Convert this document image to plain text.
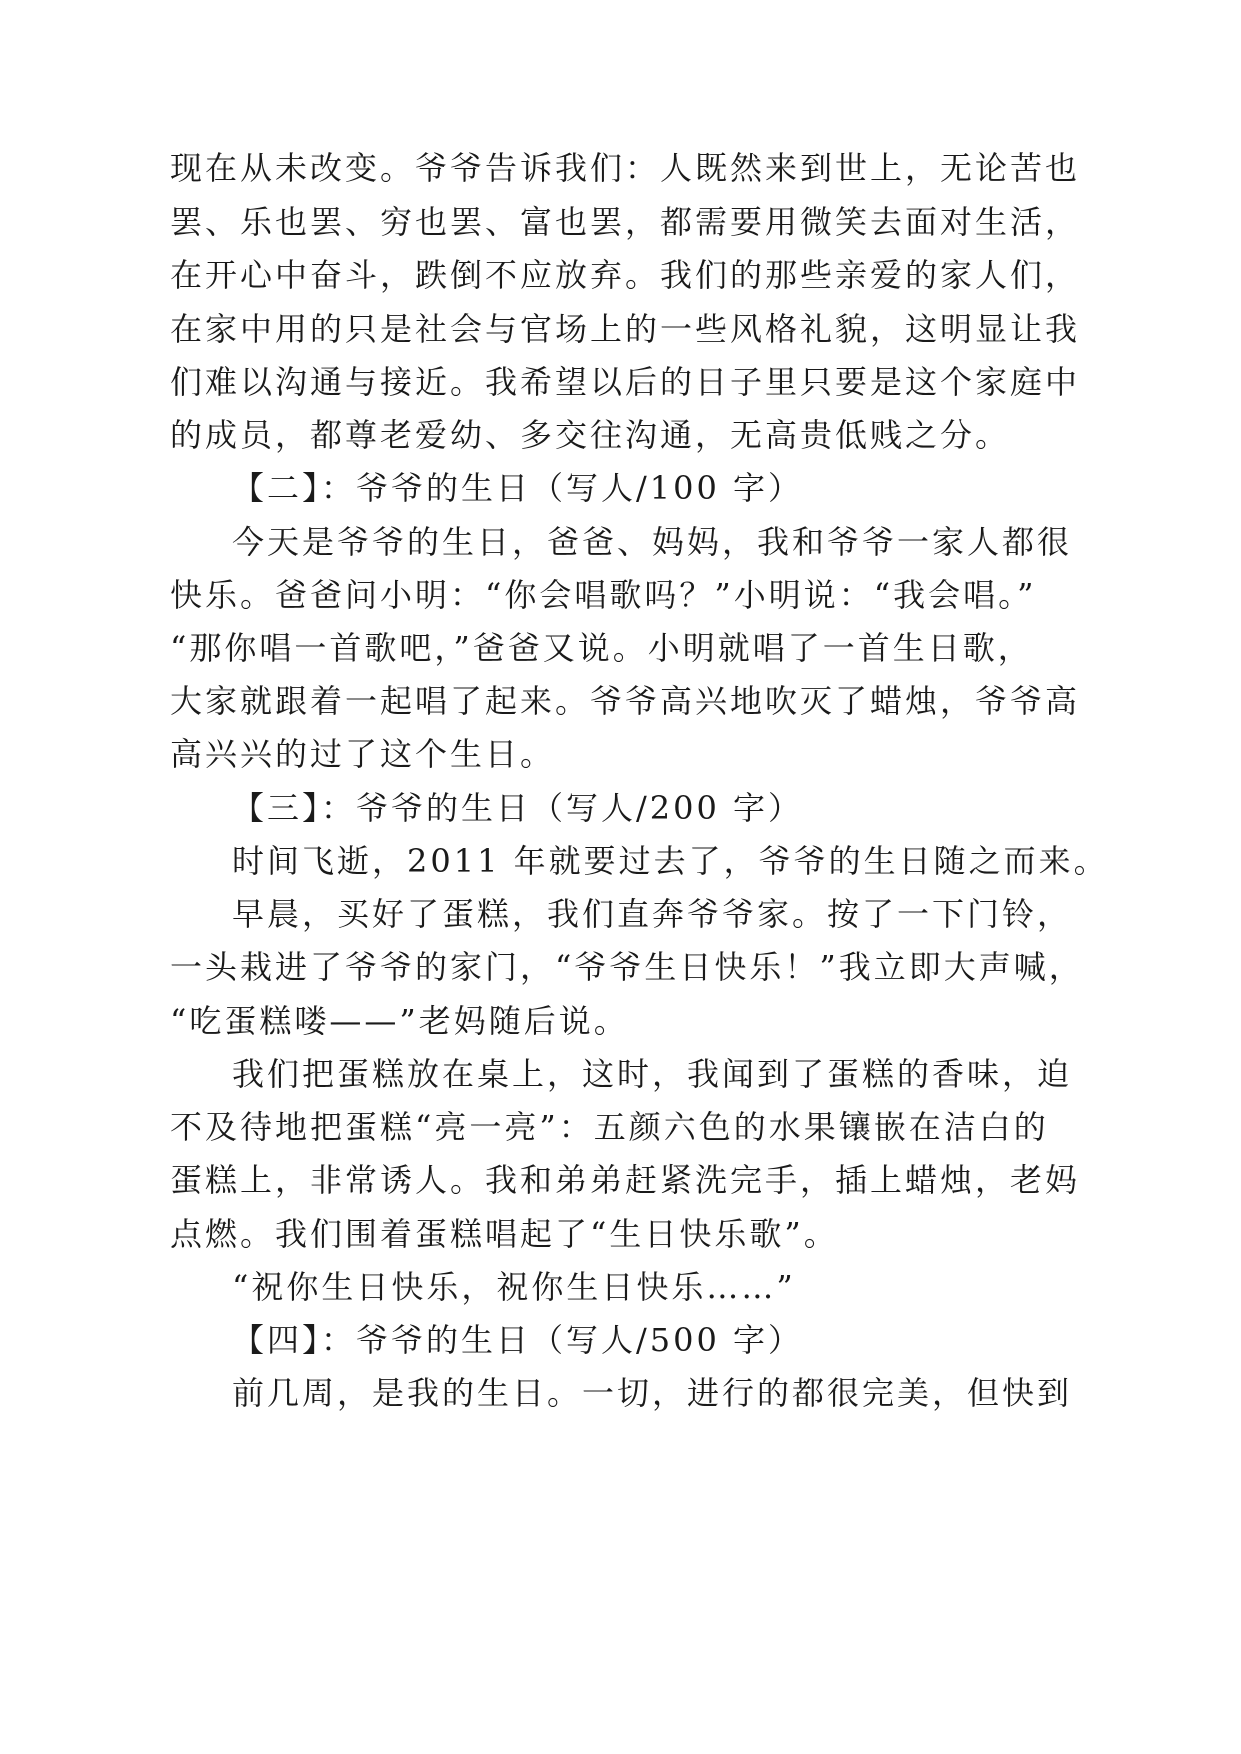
现在从未改变。爷爷告诉我们：人既然来到世上，无论苦也
罢、乐也罢、穷也罢、富也罢，都需要用微笑去面对生活，
在开心中奋斗，跌倒不应放弃。我们的那些亲爱的家人们，
在家中用的只是社会与官场上的一些风格礼貌，这明显让我
们难以沟通与接近。我希望以后的日子里只要是这个家庭中
的成员，都尊老爱幼、多交往沟通，无高贵低贱之分。
【二】：爷爷的生日（写人/100 字）
今天是爷爷的生日，爸爸、妈妈，我和爷爷一家人都很
快乐。爸爸问小明：“你会唱歌吗？”小明说：“我会唱。”
“那你唱一首歌吧，”爸爸又说。小明就唱了一首生日歌，
大家就跟着一起唱了起来。爷爷高兴地吹灭了蜡烛，爷爷高
高兴兴的过了这个生日。
【三】：爷爷的生日（写人/200 字）
时间飞逝，2011 年就要过去了，爷爷的生日随之而来。
早晨，买好了蛋糕，我们直奔爷爷家。按了一下门铃，
一头栽进了爷爷的家门，“爷爷生日快乐！”我立即大声喊，
“吃蛋糕喽——”老妈随后说。
我们把蛋糕放在桌上，这时，我闻到了蛋糕的香味，迫
不及待地把蛋糕“亮一亮”：五颜六色的水果镶嵌在洁白的
蛋糕上，非常诱人。我和弟弟赶紧洗完手，插上蜡烛，老妈
点燃。我们围着蛋糕唱起了“生日快乐歌”。
“祝你生日快乐，祝你生日快乐……”
【四】：爷爷的生日（写人/500 字）
前几周，是我的生日。一切，进行的都很完美，但快到
